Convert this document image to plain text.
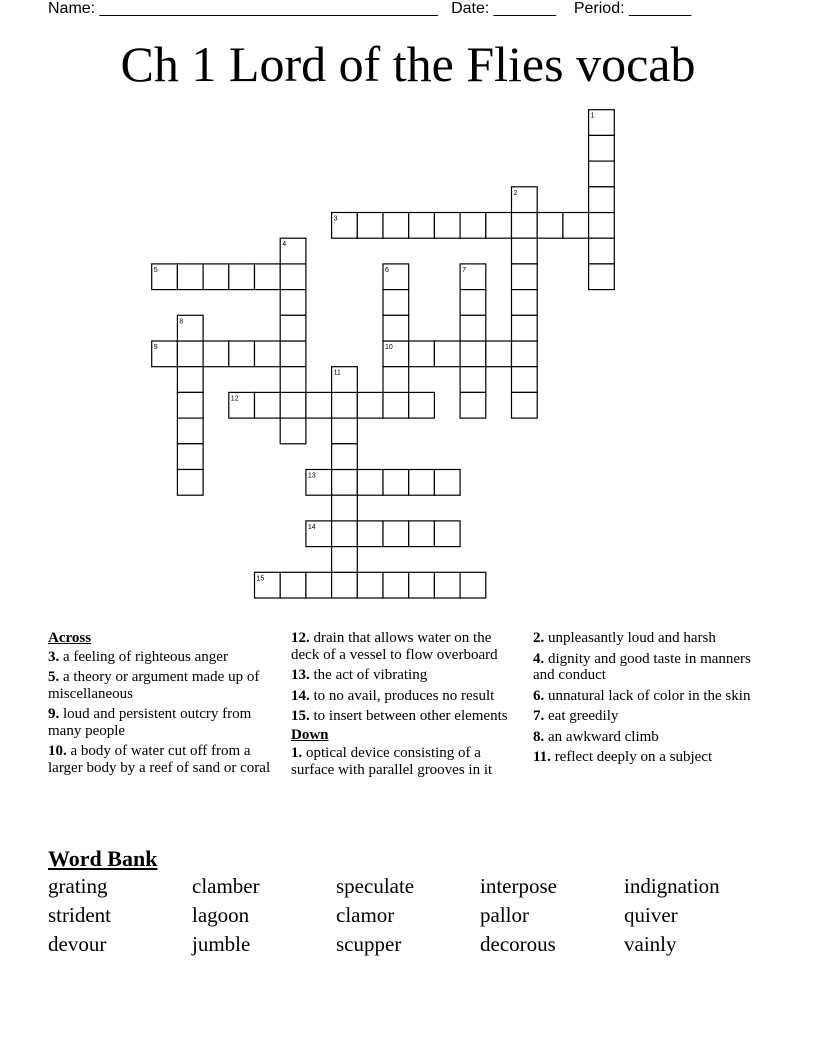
Name: ______________________________________ Date: _______ Period: _______
Ch 1 Lord of the Flies vocab
3
5
9	10
12
13
14
15
1
2
4
6	7
8
11
Across
3. a feeling of righteous anger
5. a theory or argument made up of miscellaneous
9. loud and persistent outcry from many people
10. a body of water cut off from a larger body by a reef of sand or coral
12. drain that allows water on the deck of a vessel to flow overboard
13. the act of vibrating
14. to no avail, produces no result
15. to insert between other elements
Down
1. optical device consisting of a surface with parallel grooves in it
2. unpleasantly loud and harsh
4. dignity and good taste in manners and conduct
6. unnatural lack of color in the skin
7. eat greedily
8. an awkward climb
11. reflect deeply on a subject
Word Bank
grating	clamber	speculate	interpose	indignation
strident	lagoon	clamor	pallor	quiver
devour	jumble	scupper	decorous	vainly
